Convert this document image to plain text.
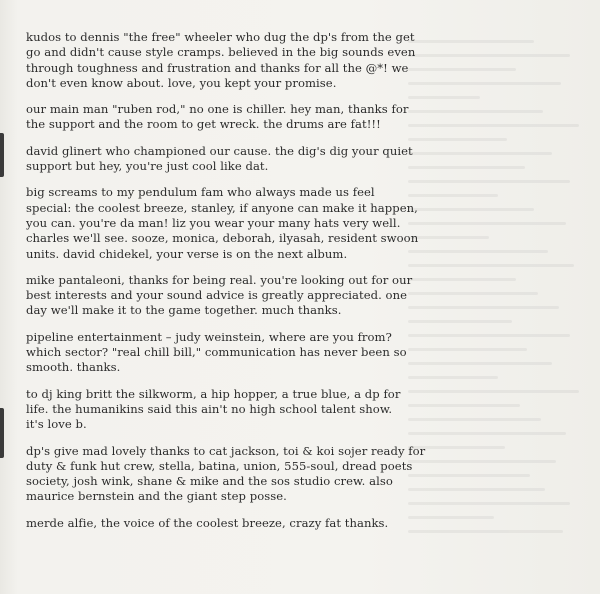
kudos to dennis "the free" wheeler who dug the dp's from the get
go and didn't cause style cramps. believed in the big sounds even
through toughness and frustration and thanks for all the @*! we
don't even know about. love, you kept your promise.
our main man "ruben rod," no one is chiller. hey man, thanks for
the support and the room to get wreck. the drums are fat!!!
david glinert who championed our cause. the dig's dig your quiet
support but hey, you're just cool like dat.
big screams to my pendulum fam who always made us feel
special: the coolest breeze, stanley, if anyone can make it happen,
you can. you're da man! liz you wear your many hats very well.
charles we'll see. sooze, monica, deborah, ilyasah, resident swoon
units. david chidekel, your verse is on the next album.
mike pantaleoni, thanks for being real. you're looking out for our
best interests and your sound advice is greatly appreciated. one
day we'll make it to the game together. much thanks.
pipeline entertainment – judy weinstein, where are you from?
which sector? "real chill bill," communication has never been so
smooth. thanks.
to dj king britt the silkworm, a hip hopper, a true blue, a dp for
life. the humanikins said this ain't no high school talent show.
it's love b.
dp's give mad lovely thanks to cat jackson, toi & koi sojer ready for
duty & funk hut crew, stella, batina, union, 555-soul, dread poets
society, josh wink, shane & mike and the sos studio crew. also
maurice bernstein and the giant step posse.
merde alfie, the voice of the coolest breeze, crazy fat thanks.
